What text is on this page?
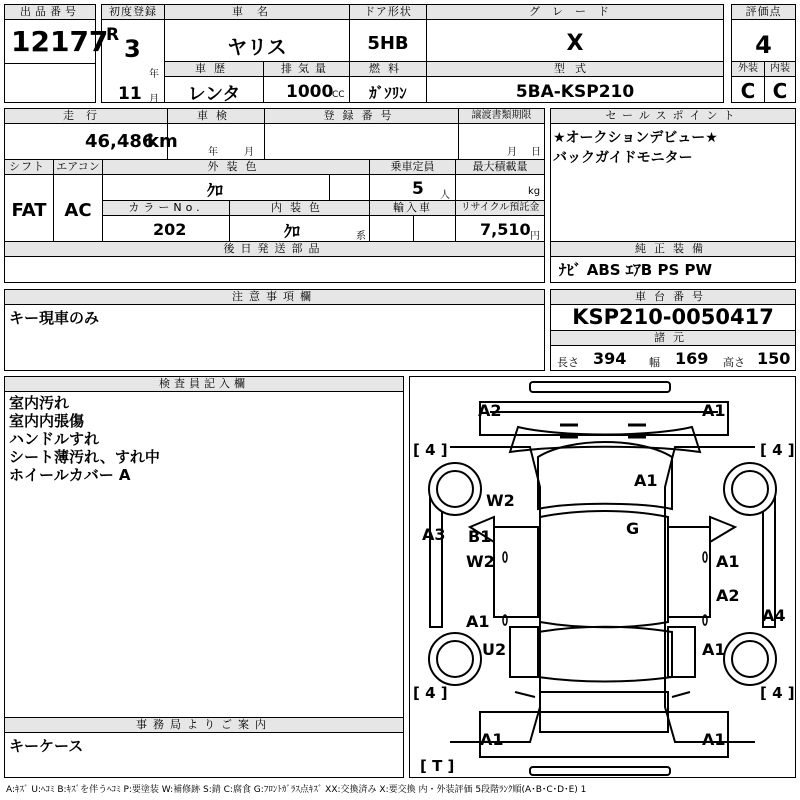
出品番号
12177
初度登録
R 3
年
11 月
車名
ヤリス
ドア形状
5HB
グレード
X
評価点
4
車歴
レンタ
排気量
1000
CC
燃料
ｶﾞｿﾘﾝ
型式
5BA-KSP210
外装
C
内装
C
走行
46,486
km
車検
年	月
登録番号	譲渡書類期限
月 日
シフト
FAT
エアコン
AC
外装色
ｸﾛ
乗車定員
5 人
最大積載量
kg
カラーNo.
202
内装色
ｸﾛ	系
輸入車	リサイクル預託金
7,510 円
後日発送部品
セールスポイント
★オークションデビュー★
バックガイドモニター
純正装備
ﾅﾋﾞ ABS ｴｱB PS PW
注意事項欄
キー現車のみ
車台番号
KSP210-0050417
諸元
長さ 394 幅 169 高さ 150
検査員記入欄
室内汚れ
室内内張傷
ハンドルすれ
シート薄汚れ、すれ中
ホイールカバー A
事務局よりご案内
キーケース
[ 4 ]	[ 4 ]
[ 4 ]	[ 4 ]
[ T ]
A2	A1
W2
A1
A3 B1
W2
G
A1
A2
A4
A1
U2	A1
A1	A1
A:ｷｽﾞ U:ﾍｺﾐ B:ｷｽﾞを伴うﾍｺﾐ P:要塗装 W:補修跡 S:錆 C:腐食 G:ﾌﾛﾝﾄｶﾞﾗｽ点ｷｽﾞ XX:交換済み X:要交換 内・外装評価 5段階ﾗﾝｸ順(A･B･C･D･E) 1
